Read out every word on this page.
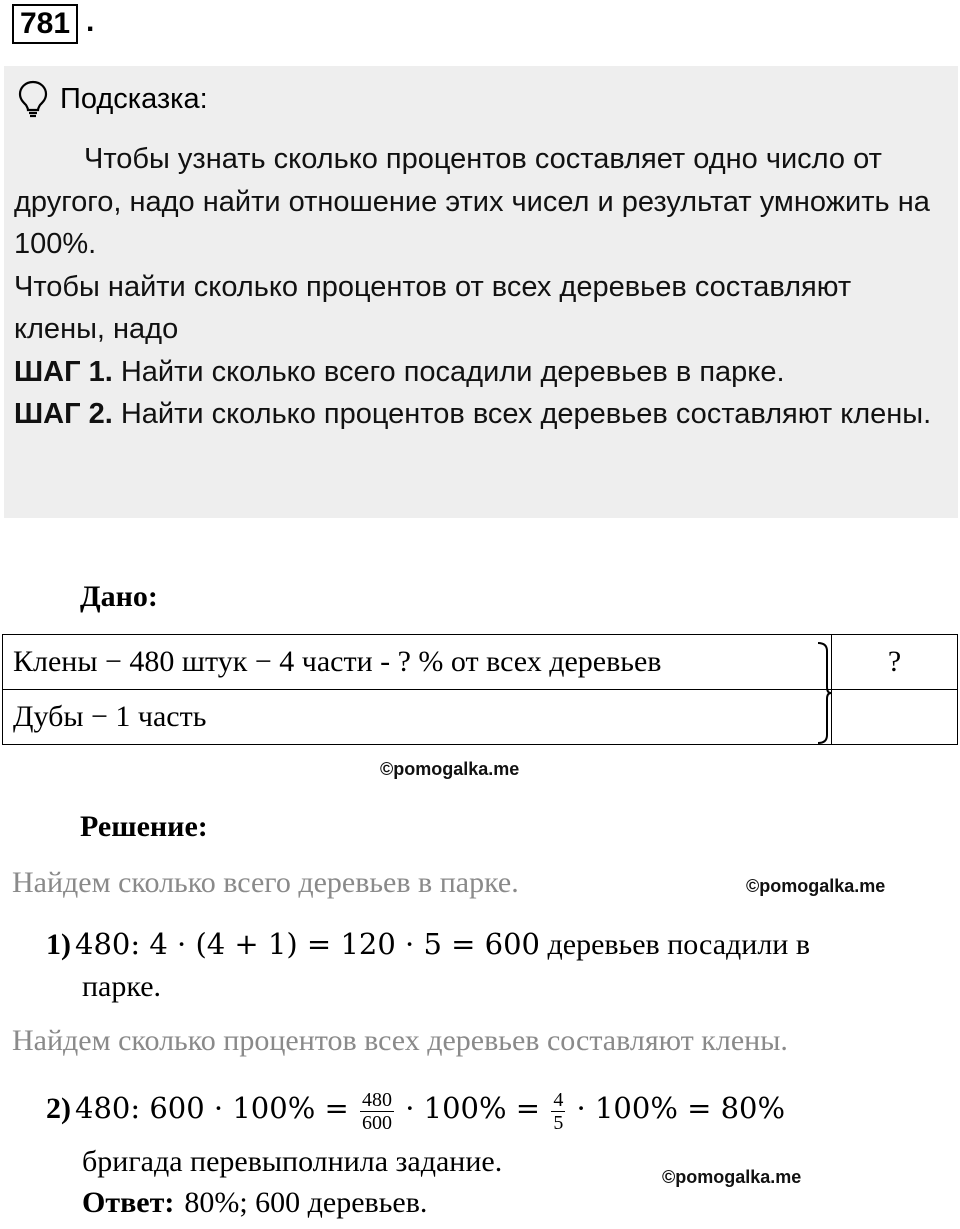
781 .
Подсказка:

Чтобы узнать сколько процентов составляет одно число от другого, надо найти отношение этих чисел и результат умножить на 100%.

Чтобы найти сколько процентов от всех деревьев составляют клены, надо

ШАГ 1. Найти сколько всего посадили деревьев в парке.

ШАГ 2. Найти сколько процентов всех деревьев составляют клены.

Дано:
Клены − 480 штук − 4 части - ? % от всех деревьев	?
Дубы − 1 часть	
©pomogalka.me
Решение:
Найдем сколько всего деревьев в парке.	©pomogalka.me
1) 480: 4 · (4 + 1) = 120 · 5 = 600 деревьев посадили в
парке.
Найдем сколько процентов всех деревьев составляют клены.
2) 480: $600 \cdot 100\% = \frac{480}{600} \cdot 100\% = \frac{4}{5} \cdot 100\% = 80\%$
бригада перевыполнила задание.	©pomogalka.me
Ответ: 80%; 600 деревьев.
